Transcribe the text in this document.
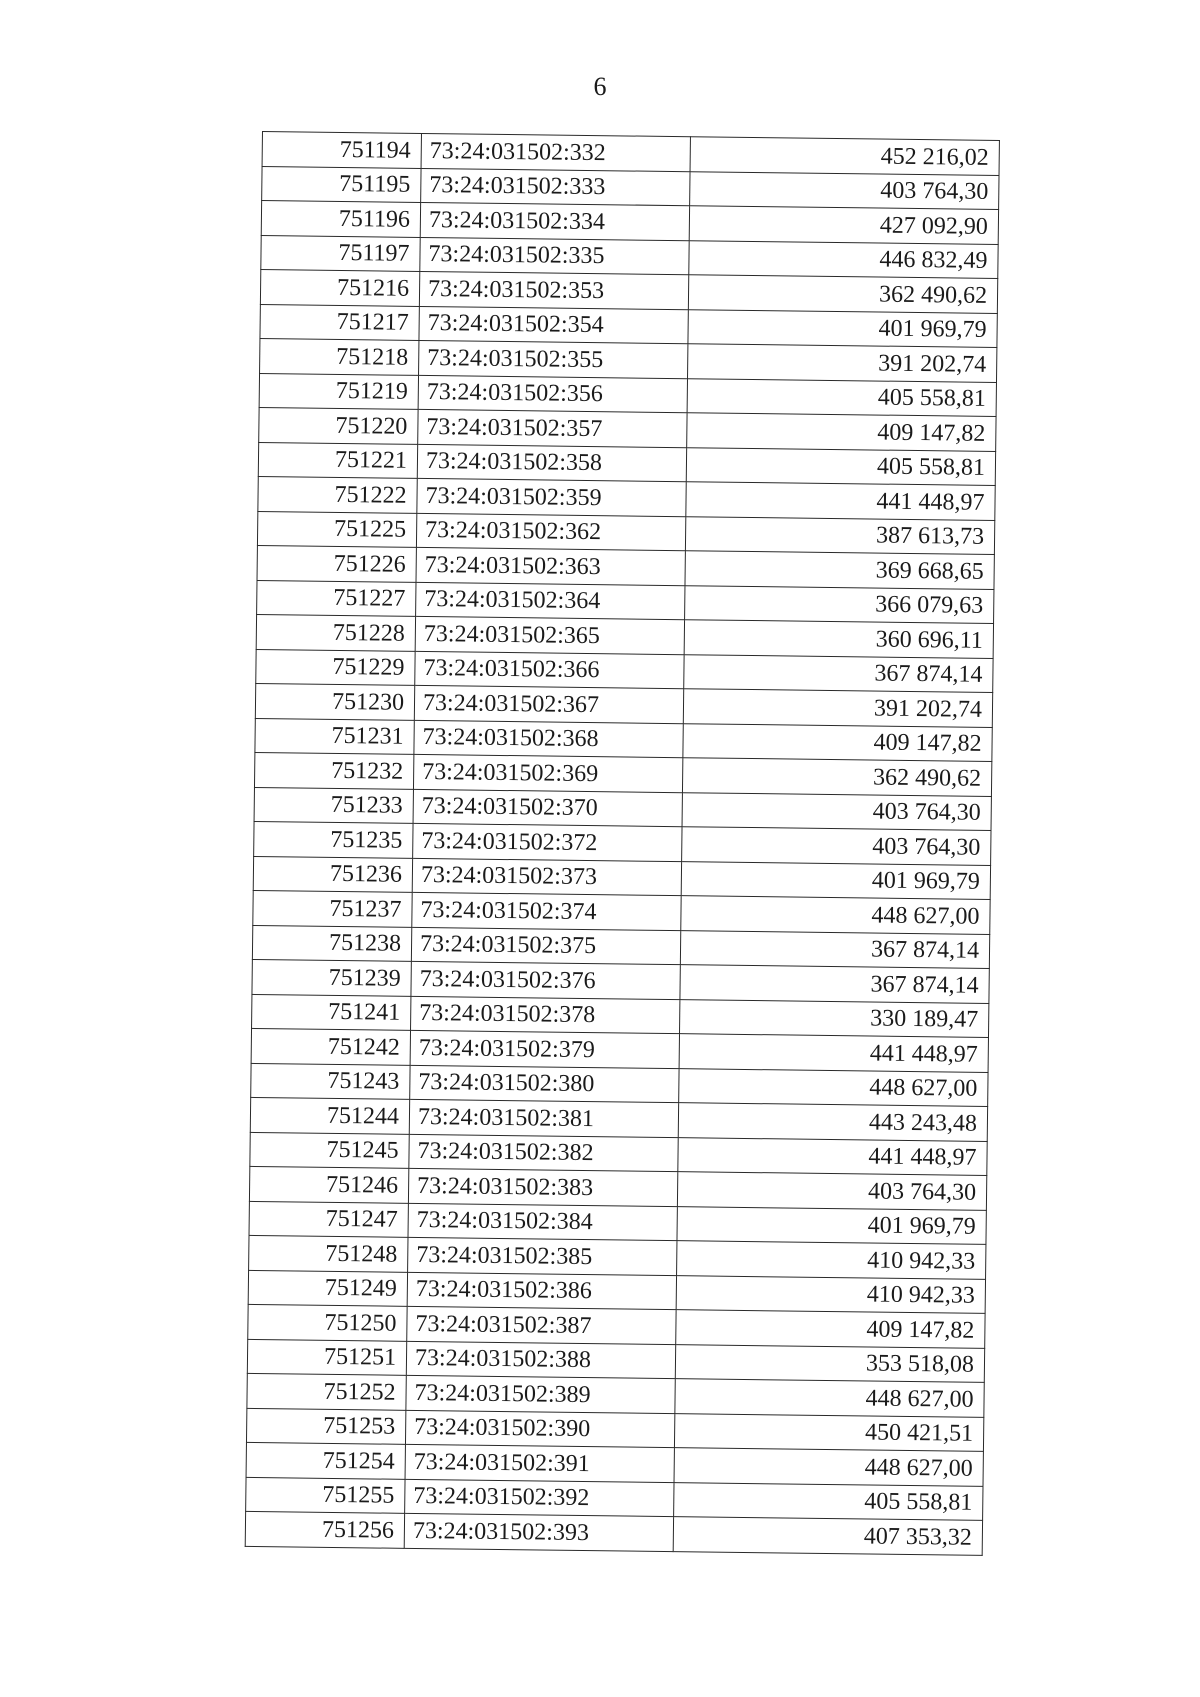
6
751194	73:24:031502:332	452 216,02
751195	73:24:031502:333	403 764,30
751196	73:24:031502:334	427 092,90
751197	73:24:031502:335	446 832,49
751216	73:24:031502:353	362 490,62
751217	73:24:031502:354	401 969,79
751218	73:24:031502:355	391 202,74
751219	73:24:031502:356	405 558,81
751220	73:24:031502:357	409 147,82
751221	73:24:031502:358	405 558,81
751222	73:24:031502:359	441 448,97
751225	73:24:031502:362	387 613,73
751226	73:24:031502:363	369 668,65
751227	73:24:031502:364	366 079,63
751228	73:24:031502:365	360 696,11
751229	73:24:031502:366	367 874,14
751230	73:24:031502:367	391 202,74
751231	73:24:031502:368	409 147,82
751232	73:24:031502:369	362 490,62
751233	73:24:031502:370	403 764,30
751235	73:24:031502:372	403 764,30
751236	73:24:031502:373	401 969,79
751237	73:24:031502:374	448 627,00
751238	73:24:031502:375	367 874,14
751239	73:24:031502:376	367 874,14
751241	73:24:031502:378	330 189,47
751242	73:24:031502:379	441 448,97
751243	73:24:031502:380	448 627,00
751244	73:24:031502:381	443 243,48
751245	73:24:031502:382	441 448,97
751246	73:24:031502:383	403 764,30
751247	73:24:031502:384	401 969,79
751248	73:24:031502:385	410 942,33
751249	73:24:031502:386	410 942,33
751250	73:24:031502:387	409 147,82
751251	73:24:031502:388	353 518,08
751252	73:24:031502:389	448 627,00
751253	73:24:031502:390	450 421,51
751254	73:24:031502:391	448 627,00
751255	73:24:031502:392	405 558,81
751256	73:24:031502:393	407 353,32
